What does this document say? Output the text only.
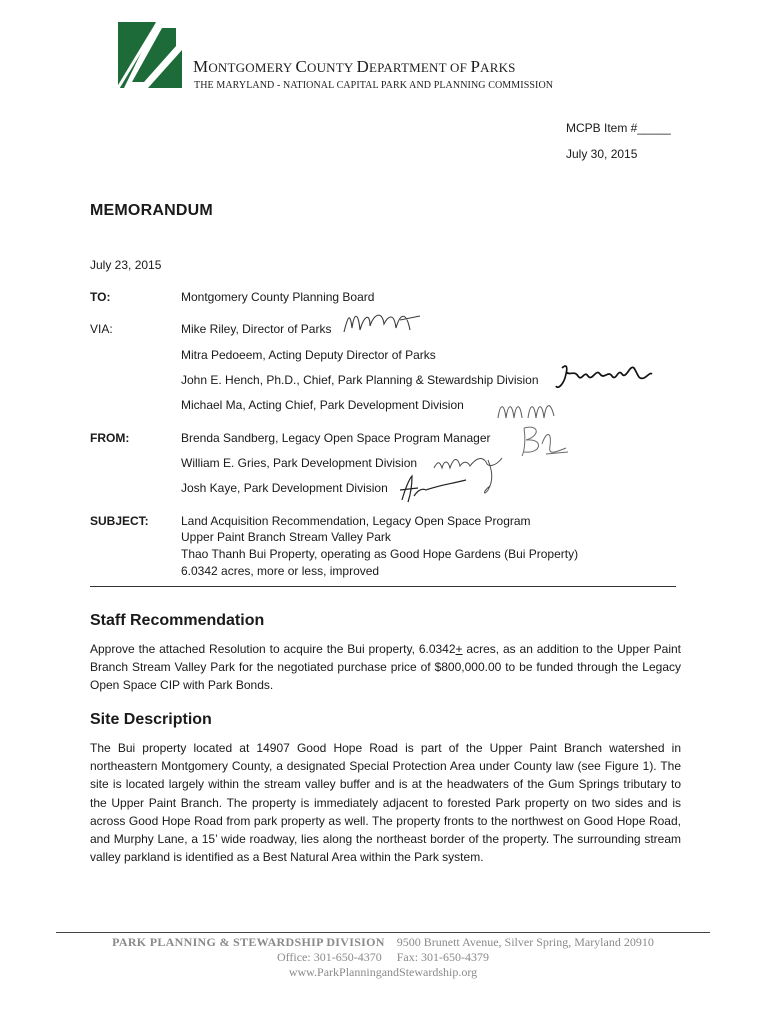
MONTGOMERY COUNTY DEPARTMENT OF PARKS
THE MARYLAND - NATIONAL CAPITAL PARK AND PLANNING COMMISSION
MCPB Item #_____
July 30, 2015
MEMORANDUM
July 23, 2015
TO:	Montgomery County Planning Board
VIA:	Mike Riley, Director of Parks
Mitra Pedoeem, Acting Deputy Director of Parks
John E. Hench, Ph.D., Chief, Park Planning & Stewardship Division
Michael Ma, Acting Chief, Park Development Division
FROM:	Brenda Sandberg, Legacy Open Space Program Manager
William E. Gries, Park Development Division
Josh Kaye, Park Development Division
SUBJECT:	Land Acquisition Recommendation, Legacy Open Space Program
Upper Paint Branch Stream Valley Park
Thao Thanh Bui Property, operating as Good Hope Gardens (Bui Property)
6.0342 acres, more or less, improved
Staff Recommendation
Approve the attached Resolution to acquire the Bui property, 6.0342+ acres, as an addition to the Upper Paint Branch Stream Valley Park for the negotiated purchase price of $800,000.00 to be funded through the Legacy Open Space CIP with Park Bonds.
Site Description
The Bui property located at 14907 Good Hope Road is part of the Upper Paint Branch watershed in northeastern Montgomery County, a designated Special Protection Area under County law (see Figure 1). The site is located largely within the stream valley buffer and is at the headwaters of the Gum Springs tributary to the Upper Paint Branch. The property is immediately adjacent to forested Park property on two sides and is across Good Hope Road from park property as well. The property fronts to the northwest on Good Hope Road, and Murphy Lane, a 15’ wide roadway, lies along the northeast border of the property. The surrounding stream valley parkland is identified as a Best Natural Area within the Park system.
PARK PLANNING & STEWARDSHIP DIVISION 9500 Brunett Avenue, Silver Spring, Maryland 20910
Office: 301-650-4370     Fax: 301-650-4379
www.ParkPlanningandStewardship.org
